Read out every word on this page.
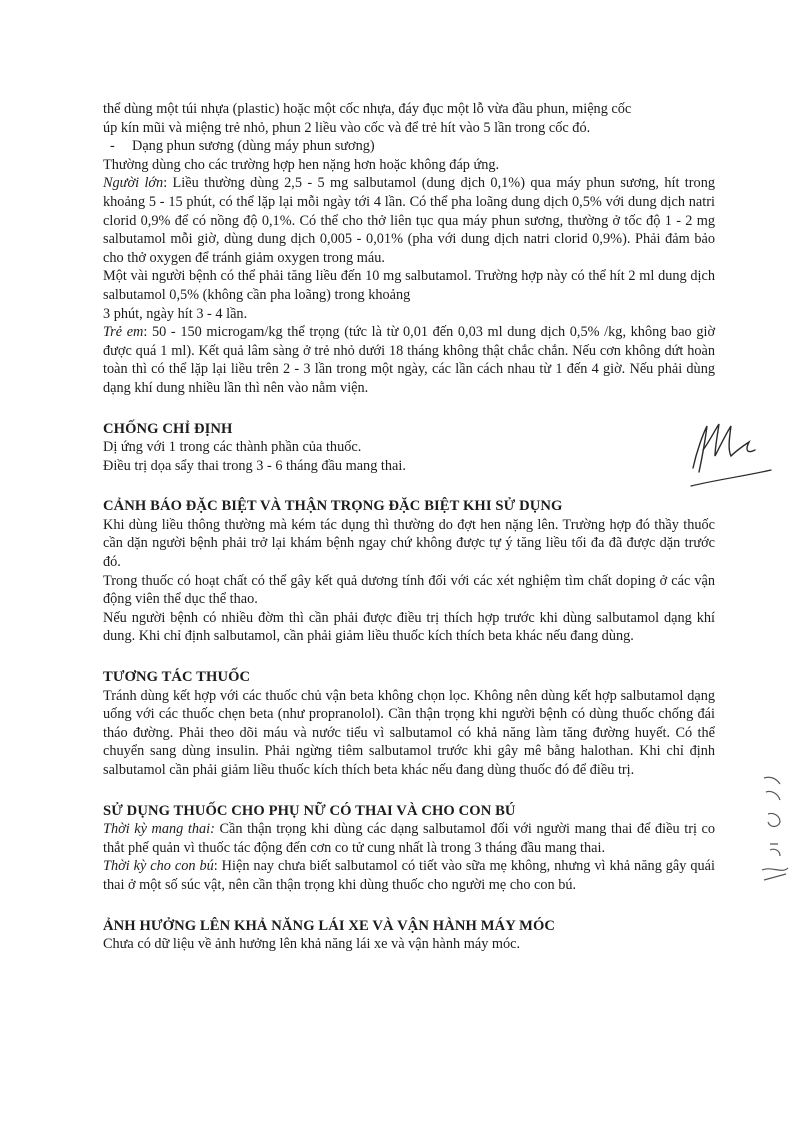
thể dùng một túi nhựa (plastic) hoặc một cốc nhựa, đáy đục một lỗ vừa đầu phun, miệng cốc

úp kín mũi và miệng trẻ nhỏ, phun 2 liều vào cốc và để trẻ hít vào 5 lần trong cốc đó.

- Dạng phun sương (dùng máy phun sương)

Thường dùng cho các trường hợp hen nặng hơn hoặc không đáp ứng.

Người lớn: Liều thường dùng 2,5 - 5 mg salbutamol (dung dịch 0,1%) qua máy phun sương, hít trong khoảng 5 - 15 phút, có thể lặp lại mỗi ngày tới 4 lần. Có thể pha loãng dung dịch 0,5% với dung dịch natri clorid 0,9% để có nồng độ 0,1%. Có thể cho thở liên tục qua máy phun sương, thường ở tốc độ 1 - 2 mg salbutamol mỗi giờ, dùng dung dịch 0,005 - 0,01% (pha với dung dịch natri clorid 0,9%). Phải đảm bảo cho thở oxygen để tránh giảm oxygen trong máu.

Một vài người bệnh có thể phải tăng liều đến 10 mg salbutamol. Trường hợp này có thể hít 2 ml dung dịch salbutamol 0,5% (không cần pha loãng) trong khoảng

3 phút, ngày hít 3 - 4 lần.

Trẻ em: 50 - 150 microgam/kg thể trọng (tức là từ 0,01 đến 0,03 ml dung dịch 0,5% /kg, không bao giờ được quá 1 ml). Kết quả lâm sàng ở trẻ nhỏ dưới 18 tháng không thật chắc chắn. Nếu cơn không dứt hoàn toàn thì có thể lặp lại liều trên 2 - 3 lần trong một ngày, các lần cách nhau từ 1 đến 4 giờ. Nếu phải dùng dạng khí dung nhiều lần thì nên vào nằm viện.

CHỐNG CHỈ ĐỊNH

Dị ứng với 1 trong các thành phần của thuốc.

Điều trị dọa sẩy thai trong 3 - 6 tháng đầu mang thai.

CẢNH BÁO ĐẶC BIỆT VÀ THẬN TRỌNG ĐẶC BIỆT KHI SỬ DỤNG

Khi dùng liều thông thường mà kém tác dụng thì thường do đợt hen nặng lên. Trường hợp đó thầy thuốc cần dặn người bệnh phải trở lại khám bệnh ngay chứ không được tự ý tăng liều tối đa đã được dặn trước đó.

Trong thuốc có hoạt chất có thể gây kết quả dương tính đối với các xét nghiệm tìm chất doping ở các vận động viên thể dục thể thao.

Nếu người bệnh có nhiều đờm thì cần phải được điều trị thích hợp trước khi dùng salbutamol dạng khí dung. Khi chỉ định salbutamol, cần phải giảm liều thuốc kích thích beta khác nếu đang dùng.

TƯƠNG TÁC THUỐC

Tránh dùng kết hợp với các thuốc chủ vận beta không chọn lọc. Không nên dùng kết hợp salbutamol dạng uống với các thuốc chẹn beta (như propranolol). Cần thận trọng khi người bệnh có dùng thuốc chống đái tháo đường. Phải theo dõi máu và nước tiểu vì salbutamol có khả năng làm tăng đường huyết. Có thể chuyển sang dùng insulin. Phải ngừng tiêm salbutamol trước khi gây mê bằng halothan. Khi chỉ định salbutamol cần phải giảm liều thuốc kích thích beta khác nếu đang dùng thuốc đó để điều trị.

SỬ DỤNG THUỐC CHO PHỤ NỮ CÓ THAI VÀ CHO CON BÚ

Thời kỳ mang thai: Cần thận trọng khi dùng các dạng salbutamol đối với người mang thai để điều trị co thắt phế quản vì thuốc tác động đến cơn co tử cung nhất là trong 3 tháng đầu mang thai.

Thời kỳ cho con bú: Hiện nay chưa biết salbutamol có tiết vào sữa mẹ không, nhưng vì khả năng gây quái thai ở một số súc vật, nên cần thận trọng khi dùng thuốc cho người mẹ cho con bú.

ẢNH HƯỞNG LÊN KHẢ NĂNG LÁI XE VÀ VẬN HÀNH MÁY MÓC

Chưa có dữ liệu về ảnh hưởng lên khả năng lái xe và vận hành máy móc.
